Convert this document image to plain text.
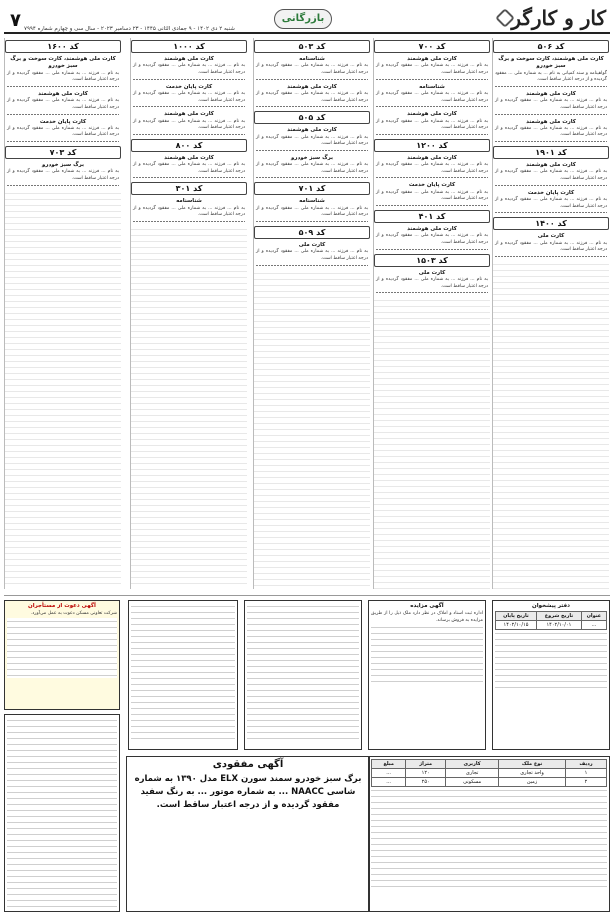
کار و کارگر
بازرگانی
شنبه ۲ دی ۱۴۰۲ - ۹ جمادی الثانی ۱۴۴۵ - ۲۳ دسامبر ۲۰۲۳ - سال سی و چهارم شماره ۷۹۹۴
۷
کد ۵۰۶
کارت ملی هوشمند، کارت سوخت و برگ سبز خودرو
گواهینامه و سند کمپانی به نام ... به شماره ملی ... مفقود گردیده و از درجه اعتبار ساقط است.
کارت ملی هوشمند
به نام ... فرزند ... به شماره ملی ... مفقود گردیده و از درجه اعتبار ساقط است.
کارت ملی هوشمند
به نام ... فرزند ... به شماره ملی ... مفقود گردیده و از درجه اعتبار ساقط است.
کد ۱۹۰۱
کارت ملی هوشمند
به نام ... فرزند ... به شماره ملی ... مفقود گردیده و از درجه اعتبار ساقط است.
کارت پایان خدمت
به نام ... فرزند ... به شماره ملی ... مفقود گردیده و از درجه اعتبار ساقط است.
کد ۱۴۰۰
کارت ملی
به نام ... فرزند ... به شماره ملی ... مفقود گردیده و از درجه اعتبار ساقط است.
کد ۷۰۰
کارت ملی هوشمند
به نام ... فرزند ... به شماره ملی ... مفقود گردیده و از درجه اعتبار ساقط است.
شناسنامه
به نام ... فرزند ... به شماره ملی ... مفقود گردیده و از درجه اعتبار ساقط است.
کارت ملی هوشمند
به نام ... فرزند ... به شماره ملی ... مفقود گردیده و از درجه اعتبار ساقط است.
کد ۱۲۰۰
کارت ملی هوشمند
به نام ... فرزند ... به شماره ملی ... مفقود گردیده و از درجه اعتبار ساقط است.
کارت پایان خدمت
به نام ... فرزند ... به شماره ملی ... مفقود گردیده و از درجه اعتبار ساقط است.
کد ۴۰۱
کارت ملی هوشمند
به نام ... فرزند ... به شماره ملی ... مفقود گردیده و از درجه اعتبار ساقط است.
کد ۱۵۰۳
کارت ملی
به نام ... فرزند ... به شماره ملی ... مفقود گردیده و از درجه اعتبار ساقط است.
کد ۵۰۳
شناسنامه
به نام ... فرزند ... به شماره ملی ... مفقود گردیده و از درجه اعتبار ساقط است.
کارت ملی هوشمند
به نام ... فرزند ... به شماره ملی ... مفقود گردیده و از درجه اعتبار ساقط است.
کد ۵۰۵
کارت ملی هوشمند
به نام ... فرزند ... به شماره ملی ... مفقود گردیده و از درجه اعتبار ساقط است.
برگ سبز خودرو
به نام ... فرزند ... به شماره ملی ... مفقود گردیده و از درجه اعتبار ساقط است.
کد ۷۰۱
شناسنامه
به نام ... فرزند ... به شماره ملی ... مفقود گردیده و از درجه اعتبار ساقط است.
کد ۵۰۹
کارت ملی
به نام ... فرزند ... به شماره ملی ... مفقود گردیده و از درجه اعتبار ساقط است.
کد ۱۰۰۰
کارت ملی هوشمند
به نام ... فرزند ... به شماره ملی ... مفقود گردیده و از درجه اعتبار ساقط است.
کارت پایان خدمت
به نام ... فرزند ... به شماره ملی ... مفقود گردیده و از درجه اعتبار ساقط است.
کارت ملی هوشمند
به نام ... فرزند ... به شماره ملی ... مفقود گردیده و از درجه اعتبار ساقط است.
کد ۸۰۰
کارت ملی هوشمند
به نام ... فرزند ... به شماره ملی ... مفقود گردیده و از درجه اعتبار ساقط است.
کد ۳۰۱
شناسنامه
به نام ... فرزند ... به شماره ملی ... مفقود گردیده و از درجه اعتبار ساقط است.
کد ۱۶۰۰
کارت ملی هوشمند، کارت سوخت و برگ سبز خودرو
به نام ... فرزند ... به شماره ملی ... مفقود گردیده و از درجه اعتبار ساقط است.
کارت ملی هوشمند
به نام ... فرزند ... به شماره ملی ... مفقود گردیده و از درجه اعتبار ساقط است.
کارت پایان خدمت
به نام ... فرزند ... به شماره ملی ... مفقود گردیده و از درجه اعتبار ساقط است.
کد ۷۰۳
برگ سبز خودرو
به نام ... فرزند ... به شماره ملی ... مفقود گردیده و از درجه اعتبار ساقط است.
دفتر پیشخوان
عنوان	تاریخ شروع	تاریخ پایان
...	۱۴۰۲/۱۰/۰۱	۱۴۰۲/۱۰/۱۵
آگهی مزایده
اداره ثبت اسناد و املاک در نظر دارد ملک ذیل را از طریق مزایده به فروش برساند.
آگهی دعوت از مستأجران
شرکت تعاونی مسکن دعوت به عمل می‌آورد.
ردیف	نوع ملک	کاربری	متراژ	مبلغ
۱	واحد تجاری	تجاری	۱۲۰	...
۲	زمین	مسکونی	۲۵۰	...
آگهی مفقودی
برگ سبز خودرو سمند سورن ELX مدل ۱۳۹۰ به شماره شاسی NAACC ... به شماره موتور ... به رنگ سفید مفقود گردیده و از درجه اعتبار ساقط است.
